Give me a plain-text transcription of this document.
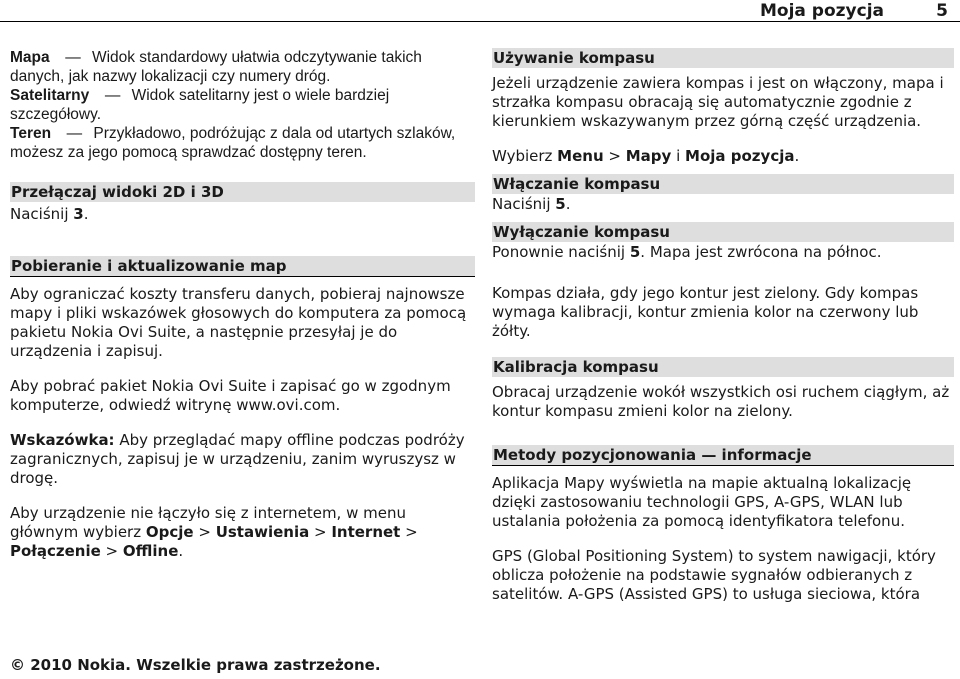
Moja pozycja	5

Mapa — Widok standardowy ułatwia odczytywanie takich danych, jak nazwy lokalizacji czy numery dróg.

Satelitarny — Widok satelitarny jest o wiele bardziej szczegółowy.

Teren — Przykładowo, podróżując z dala od utartych szlaków, możesz za jego pomocą sprawdzać dostępny teren.

Przełączaj widoki 2D i 3D

Naciśnij 3.

Pobieranie i aktualizowanie map

Aby ograniczać koszty transferu danych, pobieraj najnowsze mapy i pliki wskazówek głosowych do komputera za pomocą pakietu Nokia Ovi Suite, a następnie przesyłaj je do urządzenia i zapisuj.

Aby pobrać pakiet Nokia Ovi Suite i zapisać go w zgodnym komputerze, odwiedź witrynę www.ovi.com.

Wskazówka: Aby przeglądać mapy offline podczas podróży zagranicznych, zapisuj je w urządzeniu, zanim wyruszysz w drogę.

Aby urządzenie nie łączyło się z internetem, w menu głównym wybierz Opcje > Ustawienia > Internet > Połączenie > Offline.

Używanie kompasu

Jeżeli urządzenie zawiera kompas i jest on włączony, mapa i strzałka kompasu obracają się automatycznie zgodnie z kierunkiem wskazywanym przez górną część urządzenia.

Wybierz Menu > Mapy i Moja pozycja.

Włączanie kompasu

Naciśnij 5.

Wyłączanie kompasu

Ponownie naciśnij 5. Mapa jest zwrócona na północ.

Kompas działa, gdy jego kontur jest zielony. Gdy kompas wymaga kalibracji, kontur zmienia kolor na czerwony lub żółty.

Kalibracja kompasu

Obracaj urządzenie wokół wszystkich osi ruchem ciągłym, aż kontur kompasu zmieni kolor na zielony.

Metody pozycjonowania — informacje

Aplikacja Mapy wyświetla na mapie aktualną lokalizację dzięki zastosowaniu technologii GPS, A-GPS, WLAN lub ustalania położenia za pomocą identyfikatora telefonu.

GPS (Global Positioning System) to system nawigacji, który oblicza położenie na podstawie sygnałów odbieranych z satelitów. A-GPS (Assisted GPS) to usługa sieciowa, która

© 2010 Nokia. Wszelkie prawa zastrzeżone.
